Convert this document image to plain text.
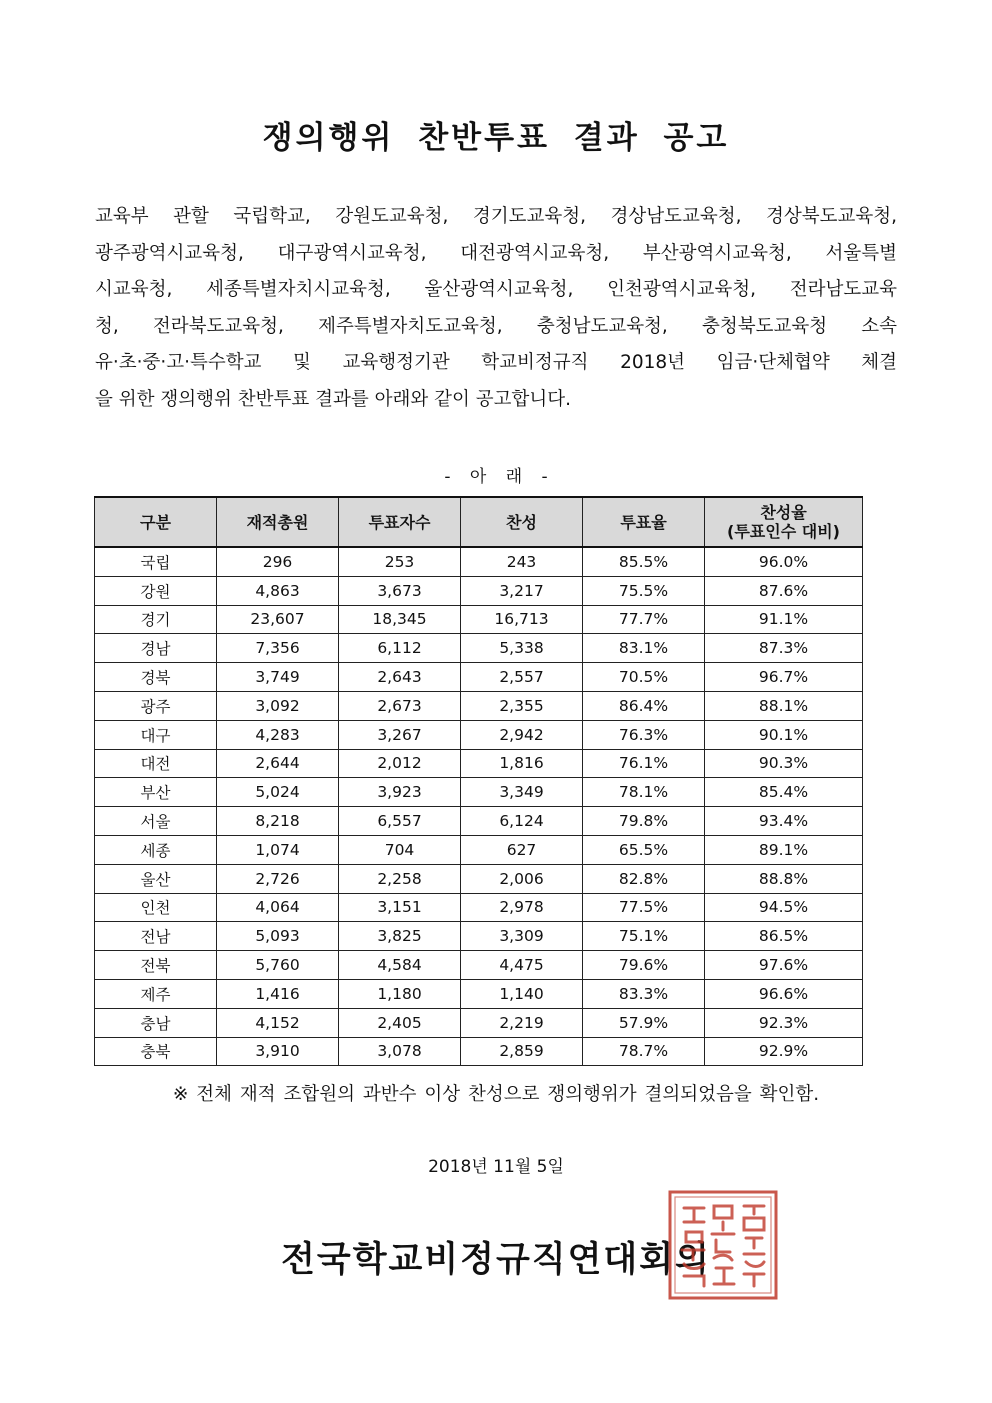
쟁의행위 찬반투표 결과 공고
교육부 관할 국립학교, 강원도교육청, 경기도교육청, 경상남도교육청, 경상북도교육청,
광주광역시교육청, 대구광역시교육청, 대전광역시교육청, 부산광역시교육청, 서울특별
시교육청, 세종특별자치시교육청, 울산광역시교육청, 인천광역시교육청, 전라남도교육
청, 전라북도교육청, 제주특별자치도교육청, 충청남도교육청, 충청북도교육청 소속
유·초·중·고·특수학교 및 교육행정기관 학교비정규직 2018년 임금·단체협약 체결
을 위한 쟁의행위 찬반투표 결과를 아래와 같이 공고합니다.
- 아 래 -
구분	재적총원	투표자수	찬성	투표율	찬성율
(투표인수 대비)
국립	296	253	243	85.5%	96.0%
강원	4,863	3,673	3,217	75.5%	87.6%
경기	23,607	18,345	16,713	77.7%	91.1%
경남	7,356	6,112	5,338	83.1%	87.3%
경북	3,749	2,643	2,557	70.5%	96.7%
광주	3,092	2,673	2,355	86.4%	88.1%
대구	4,283	3,267	2,942	76.3%	90.1%
대전	2,644	2,012	1,816	76.1%	90.3%
부산	5,024	3,923	3,349	78.1%	85.4%
서울	8,218	6,557	6,124	79.8%	93.4%
세종	1,074	704	627	65.5%	89.1%
울산	2,726	2,258	2,006	82.8%	88.8%
인천	4,064	3,151	2,978	77.5%	94.5%
전남	5,093	3,825	3,309	75.1%	86.5%
전북	5,760	4,584	4,475	79.6%	97.6%
제주	1,416	1,180	1,140	83.3%	96.6%
충남	4,152	2,405	2,219	57.9%	92.3%
충북	3,910	3,078	2,859	78.7%	92.9%
※ 전체 재적 조합원의 과반수 이상 찬성으로 쟁의행위가 결의되었음을 확인함.
2018년 11월 5일
전국학교비정규직연대회의
